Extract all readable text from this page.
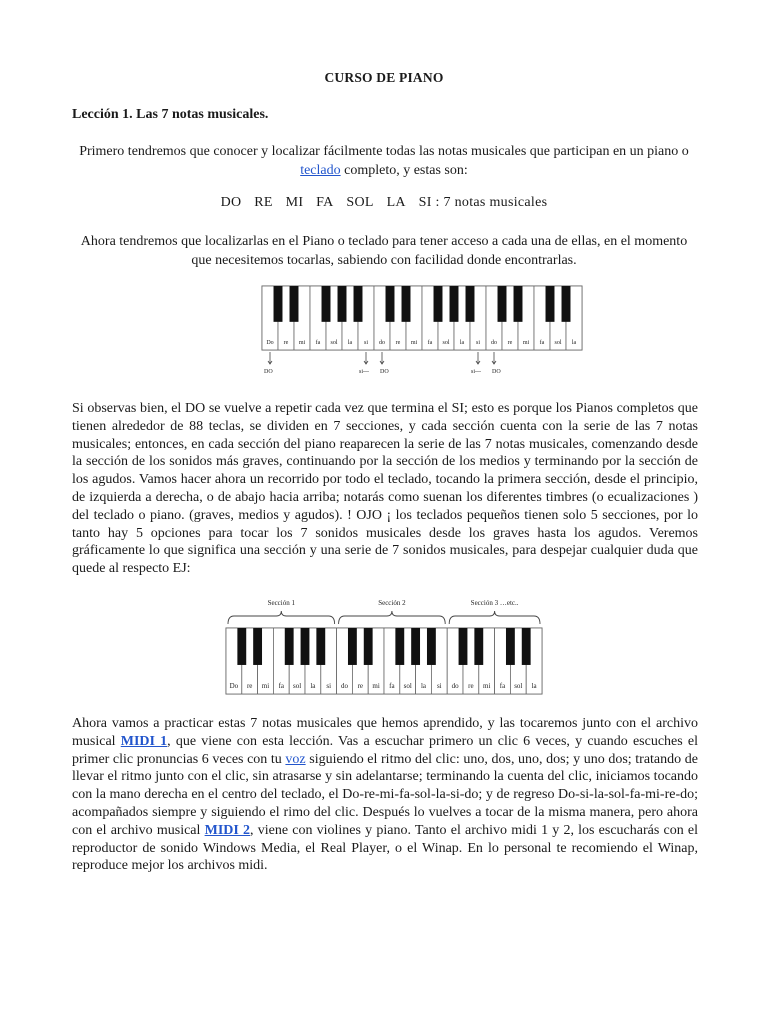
CURSO DE PIANO
Lección 1. Las 7 notas musicales.
Primero tendremos que conocer y localizar fácilmente todas las notas musicales que participan en un piano o teclado completo, y estas son:
DO RE MI FA SOL LA SI : 7 notas musicales
Ahora tendremos que localizarlas en el Piano o teclado para tener acceso a cada una de ellas, en el momento que necesitemos tocarlas, sabiendo con facilidad donde encontrarlas.
Do re mi fa sol la si do re mi fa sol la si do re mi fa sol la
DO	si--- DO	si--- DO
Si observas bien, el DO se vuelve a repetir cada vez que termina el SI; esto es porque los Pianos completos que tienen alrededor de 88 teclas, se dividen en 7 secciones, y cada sección cuenta con la serie de las 7 notas musicales; entonces, en cada sección del piano reaparecen la serie de las 7 notas musicales, comenzando desde la sección de los sonidos más graves, continuando por la sección de los medios y terminando por la sección de los agudos. Vamos hacer ahora un recorrido por todo el teclado, tocando la primera sección, desde el principio, de izquierda a derecha, o de abajo hacia arriba; notarás como suenan los diferentes timbres (o ecualizaciones ) del teclado o piano. (graves, medios y agudos). ! OJO ¡ los teclados pequeños tienen solo 5 secciones, por lo tanto hay 5 opciones para tocar los 7 sonidos musicales desde los graves hasta los agudos. Veremos gráficamente lo que significa una sección y una serie de 7 sonidos musicales, para despejar cualquier duda que quede al respecto EJ:
Do re mi fa sol la si do re mi fa sol la si do re mi fa sol la
Sección 1	Sección 2	Sección 3 …etc..
Ahora vamos a practicar estas 7 notas musicales que hemos aprendido, y las tocaremos junto con el archivo musical MIDI 1, que viene con esta lección. Vas a escuchar primero un clic 6 veces, y cuando escuches el primer clic pronuncias 6 veces con tu voz siguiendo el ritmo del clic: uno, dos, uno, dos; y uno dos; tratando de llevar el ritmo junto con el clic, sin atrasarse y sin adelantarse; terminando la cuenta del clic, iniciamos tocando con la mano derecha en el centro del teclado, el Do-re-mi-fa-sol-la-si-do; y de regreso Do-si-la-sol-fa-mi-re-do; acompañados siempre y siguiendo el rimo del clic. Después lo vuelves a tocar de la misma manera, pero ahora con el archivo musical MIDI 2, viene con violines y piano. Tanto el archivo midi 1 y 2, los escucharás con el reproductor de sonido Windows Media, el Real Player, o el Winap. En lo personal te recomiendo el Winap, reproduce mejor los archivos midi.
